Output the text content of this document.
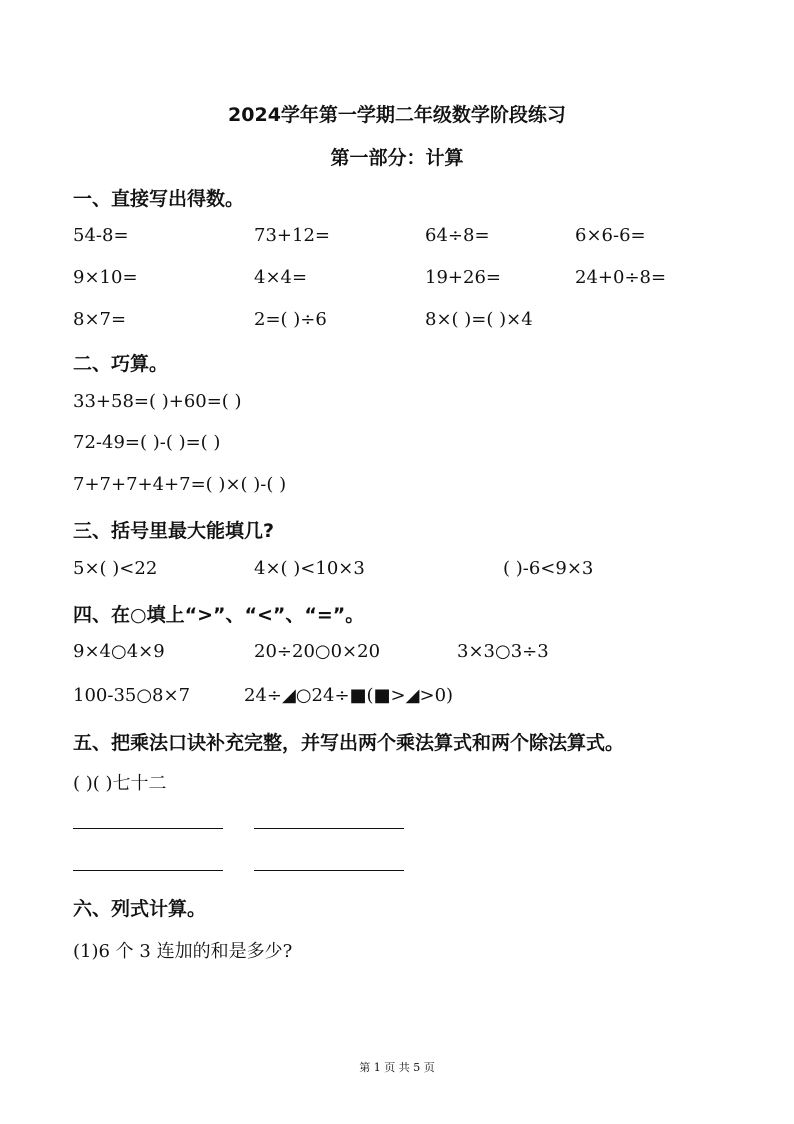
2024学年第一学期二年级数学阶段练习
第一部分：计算
一、直接写出得数。
54-8=	73+12=	64÷8=	6×6-6=
9×10=	4×4=	19+26=	24+0÷8=
8×7=	2=( )÷6	8×( )=( )×4
二、巧算。
33+58=( )+60=( )
72-49=( )-( )=( )
7+7+7+4+7=( )×( )-( )
三、括号里最大能填几?
5×( )<22	4×( )<10×3	( )-6<9×3
四、在○填上“>”、“<”、“=”。
9×4○4×9	20÷20○0×20	3×3○3÷3
100-35○8×7	24÷◢○24÷■(■>◢>0)
五、把乘法口诀补充完整，并写出两个乘法算式和两个除法算式。
( )( )七十二
六、列式计算。
(1)6 个 3 连加的和是多少?
第 1 页 共 5 页
